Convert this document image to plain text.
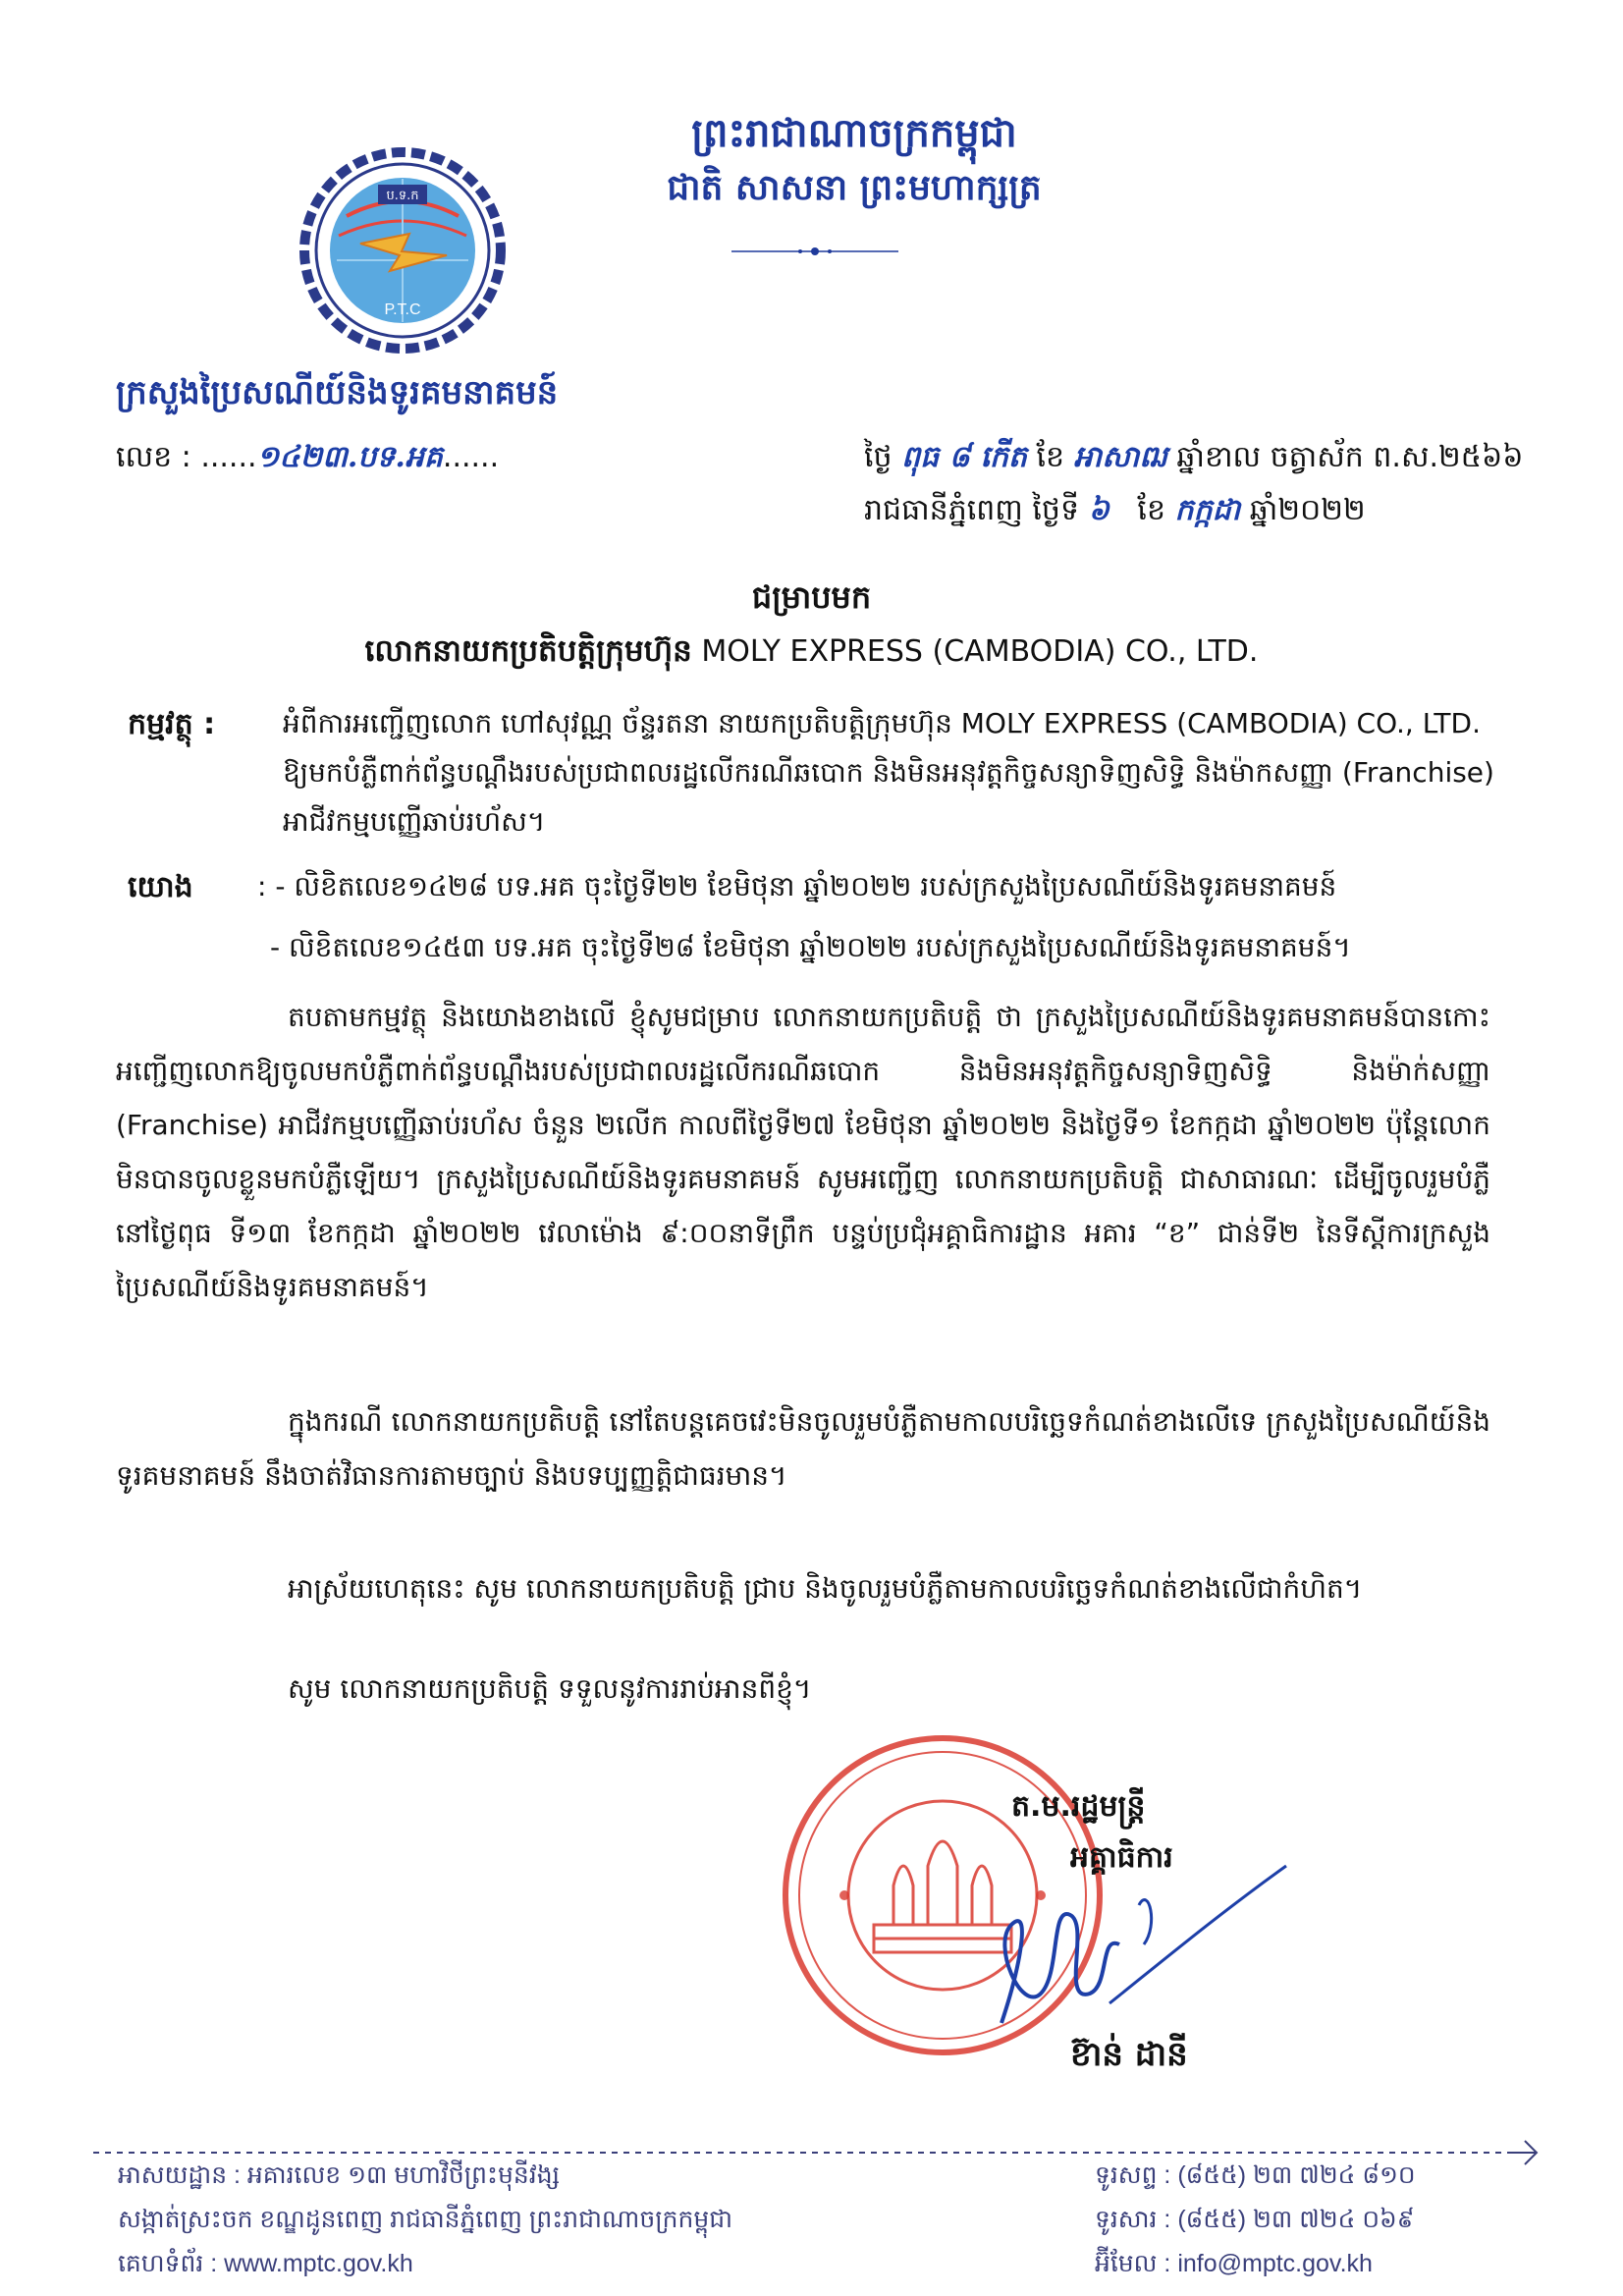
ព្រះរាជាណាចក្រកម្ពុជា
ជាតិ សាសនា ព្រះមហាក្សត្រ
ប.ទ.ក
P.T.C
ក្រសួងប្រៃសណីយ៍និងទូរគមនាគមន៍
លេខ : ......១៤២៣.បទ.អគ......	ថ្ងៃ ពុធ ៨ កើត ខែ អាសាឍ ឆ្នាំខាល ចត្វាស័ក ព.ស.២៥៦៦
រាជធានីភ្នំពេញ ថ្ងៃទី ៦ ខែ កក្កដា ឆ្នាំ២០២២
ជម្រាបមក
លោកនាយកប្រតិបត្តិក្រុមហ៊ុន MOLY EXPRESS (CAMBODIA) CO., LTD.
កម្មវត្ថុ : អំពីការអញ្ជើញលោក ហៅសុវណ្ណ ច័ន្ទរតនា នាយកប្រតិបត្តិក្រុមហ៊ុន MOLY EXPRESS (CAMBODIA) CO., LTD. ឱ្យមកបំភ្លឺពាក់ព័ន្ធបណ្ដឹងរបស់ប្រជាពលរដ្ឋលើករណីឆបោក និងមិនអនុវត្តកិច្ចសន្យាទិញសិទ្ធិ និងម៉ាកសញ្ញា (Franchise) អាជីវកម្មបញ្ញើឆាប់រហ័ស។
យោង : - លិខិតលេខ១៤២៨ បទ.អគ ចុះថ្ងៃទី២២ ខែមិថុនា ឆ្នាំ២០២២ របស់ក្រសួងប្រៃសណីយ៍និងទូរគមនាគមន៍
- លិខិតលេខ១៤៥៣ បទ.អគ ចុះថ្ងៃទី២៨ ខែមិថុនា ឆ្នាំ២០២២ របស់ក្រសួងប្រៃសណីយ៍និងទូរគមនាគមន៍។
តបតាមកម្មវត្ថុ និងយោងខាងលើ ខ្ញុំសូមជម្រាប លោកនាយកប្រតិបត្តិ ថា ក្រសួងប្រៃសណីយ៍និងទូរគមនាគមន៍បានកោះអញ្ជើញលោកឱ្យចូលមកបំភ្លឺពាក់ព័ន្ធបណ្ដឹងរបស់ប្រជាពលរដ្ឋលើករណីឆបោក និងមិនអនុវត្តកិច្ចសន្យាទិញសិទ្ធិ និងម៉ាក់សញ្ញា (Franchise) អាជីវកម្មបញ្ញើឆាប់រហ័ស ចំនួន ២លើក កាលពីថ្ងៃទី២៧ ខែមិថុនា ឆ្នាំ២០២២ និងថ្ងៃទី១ ខែកក្កដា ឆ្នាំ២០២២ ប៉ុន្តែលោកមិនបានចូលខ្លួនមកបំភ្លឺឡើយ។ ក្រសួងប្រៃសណីយ៍និងទូរគមនាគមន៍ សូមអញ្ជើញ លោកនាយកប្រតិបត្តិ ជាសាធារណៈ ដើម្បីចូលរួមបំភ្លឺ នៅថ្ងៃពុធ ទី១៣ ខែកក្កដា ឆ្នាំ២០២២ វេលាម៉ោង ៩:០០នាទីព្រឹក បន្ទប់ប្រជុំអគ្គាធិការដ្ឋាន អគារ “ខ” ជាន់ទី២ នៃទីស្ដីការក្រសួងប្រៃសណីយ៍និងទូរគមនាគមន៍។
ក្នុងករណី លោកនាយកប្រតិបត្តិ នៅតែបន្តគេចវេះមិនចូលរួមបំភ្លឺតាមកាលបរិច្ឆេទកំណត់ខាងលើទេ ក្រសួងប្រៃសណីយ៍និងទូរគមនាគមន៍ នឹងចាត់វិធានការតាមច្បាប់ និងបទប្បញ្ញត្តិជាធរមាន។
អាស្រ័យហេតុនេះ សូម លោកនាយកប្រតិបត្តិ ជ្រាប និងចូលរួមបំភ្លឺតាមកាលបរិច្ឆេទកំណត់ខាងលើជាកំហិត។
សូម លោកនាយកប្រតិបត្តិ ទទួលនូវការរាប់អានពីខ្ញុំ។
ត.ម.រដ្ឋមន្ត្រី
អគ្គាធិការ
ខ៊ាន់ ដានី
អាសយដ្ឋាន : អគារលេខ ១៣ មហាវិថីព្រះមុនីវង្ស
សង្កាត់ស្រះចក ខណ្ឌដូនពេញ រាជធានីភ្នំពេញ ព្រះរាជាណាចក្រកម្ពុជា
គេហទំព័រ : www.mptc.gov.kh
ទូរសព្ទ : (៨៥៥) ២៣ ៧២៤ ៨១០
ទូរសារ : (៨៥៥) ២៣ ៧២៤ ០៦៩
អ៊ីមែល : info@mptc.gov.kh
